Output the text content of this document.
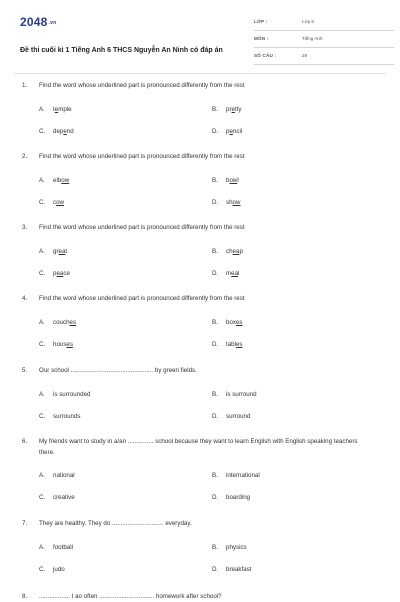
2048.vn
Đề thi cuối kì 1 Tiếng Anh 6 THCS Nguyễn An Ninh có đáp án
LỚP :	Lớp 6
MÔN :	Tiếng Anh
SỐ CÂU :	29
1. Find the word whose underlined part is pronounced differently from the rest
A. temple	B. pretty
C. depend	D. pencil
2. Find the word whose underlined part is pronounced differently from the rest
A. elbow	B. bowl
C. cow	D. show
3. Find the word whose underlined part is pronounced differently from the rest
A. great	B. cheap
C. peace	D. meal
4. Find the word whose underlined part is pronounced differently from the rest
A. couches	B. boxes
C. houses	D. tables
5. Our school ................................................ by green fields.
A. is surrounded	B. is surround
C. surrounds	D. surround
6. My friends want to study in a/an ............... school because they want to learn English with English speaking teachers there.
A. national	B. international
C. creative	D. boarding
7. They are healthy. They do .............................. everyday.
A. football	B. physics
C. judo	D. breakfast
8. .................. I ao often ................................ homework after school?
